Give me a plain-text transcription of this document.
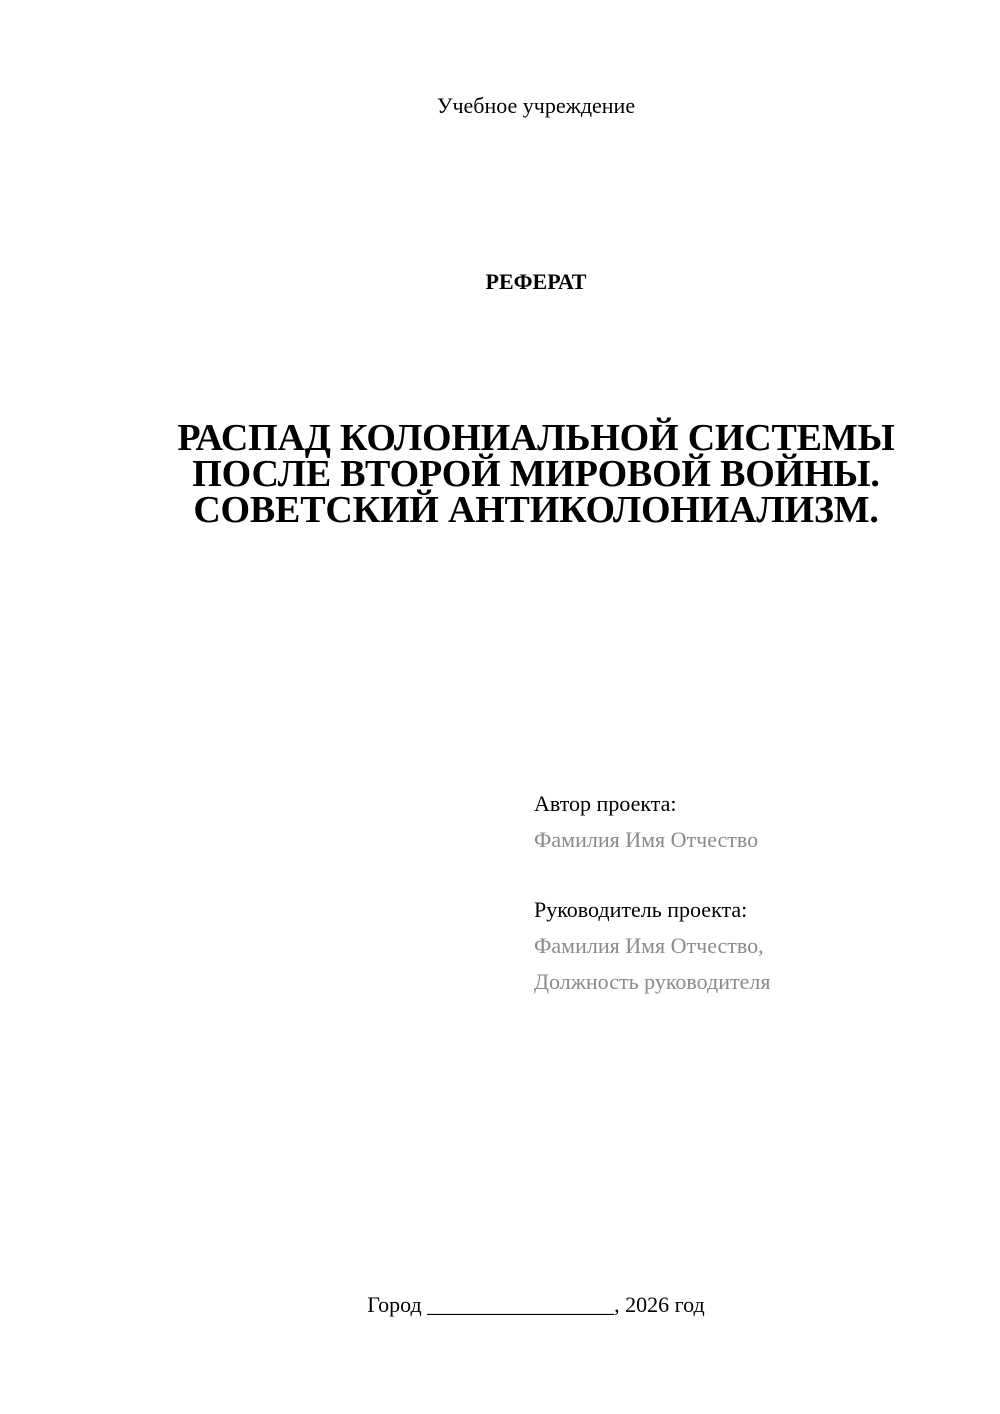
Учебное учреждение
РЕФЕРАТ
РАСПАД КОЛОНИАЛЬНОЙ СИСТЕМЫ
ПОСЛЕ ВТОРОЙ МИРОВОЙ ВОЙНЫ.
СОВЕТСКИЙ АНТИКОЛОНИАЛИЗМ.
Автор проекта:
Фамилия Имя Отчество
Руководитель проекта:
Фамилия Имя Отчество,
Должность руководителя
Город _________________, 2026 год
